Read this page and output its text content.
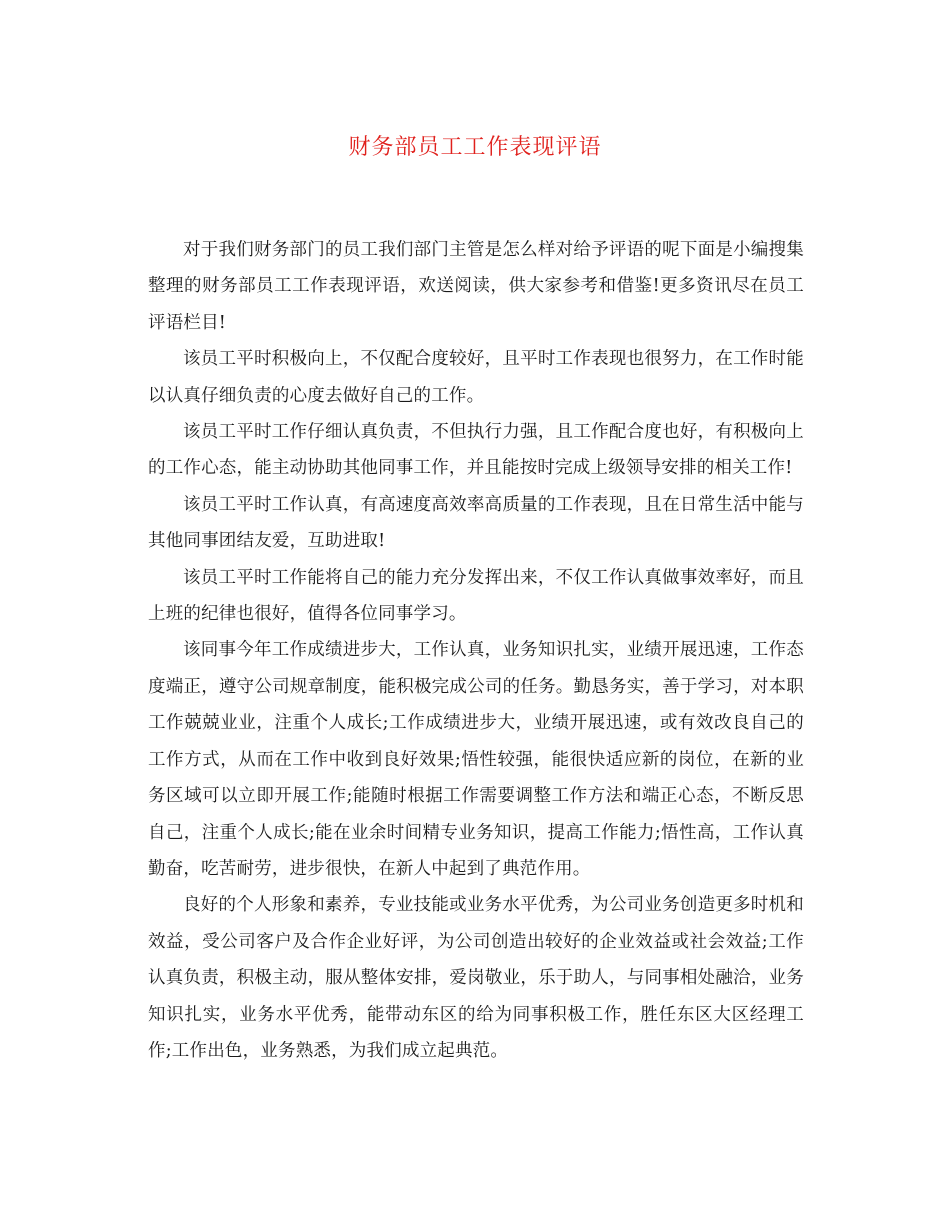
财务部员工工作表现评语

对于我们财务部门的员工我们部门主管是怎么样对给予评语的呢下面是小编搜集整理的财务部员工工作表现评语，欢送阅读，供大家参考和借鉴!更多资讯尽在员工评语栏目!

该员工平时积极向上，不仅配合度较好，且平时工作表现也很努力，在工作时能以认真仔细负责的心度去做好自己的工作。

该员工平时工作仔细认真负责，不但执行力强，且工作配合度也好，有积极向上的工作心态，能主动协助其他同事工作，并且能按时完成上级领导安排的相关工作!

该员工平时工作认真，有高速度高效率高质量的工作表现，且在日常生活中能与其他同事团结友爱，互助进取!

该员工平时工作能将自己的能力充分发挥出来，不仅工作认真做事效率好，而且上班的纪律也很好，值得各位同事学习。

该同事今年工作成绩进步大，工作认真，业务知识扎实，业绩开展迅速，工作态度端正，遵守公司规章制度，能积极完成公司的任务。勤恳务实，善于学习，对本职工作兢兢业业，注重个人成长;工作成绩进步大，业绩开展迅速，或有效改良自己的工作方式，从而在工作中收到良好效果;悟性较强，能很快适应新的岗位，在新的业务区域可以立即开展工作;能随时根据工作需要调整工作方法和端正心态，不断反思自己，注重个人成长;能在业余时间精专业务知识，提高工作能力;悟性高，工作认真勤奋，吃苦耐劳，进步很快，在新人中起到了典范作用。

良好的个人形象和素养，专业技能或业务水平优秀，为公司业务创造更多时机和效益，受公司客户及合作企业好评，为公司创造出较好的企业效益或社会效益;工作认真负责，积极主动，服从整体安排，爱岗敬业，乐于助人，与同事相处融洽，业务知识扎实，业务水平优秀，能带动东区的给为同事积极工作，胜任东区大区经理工作;工作出色，业务熟悉，为我们成立起典范。
